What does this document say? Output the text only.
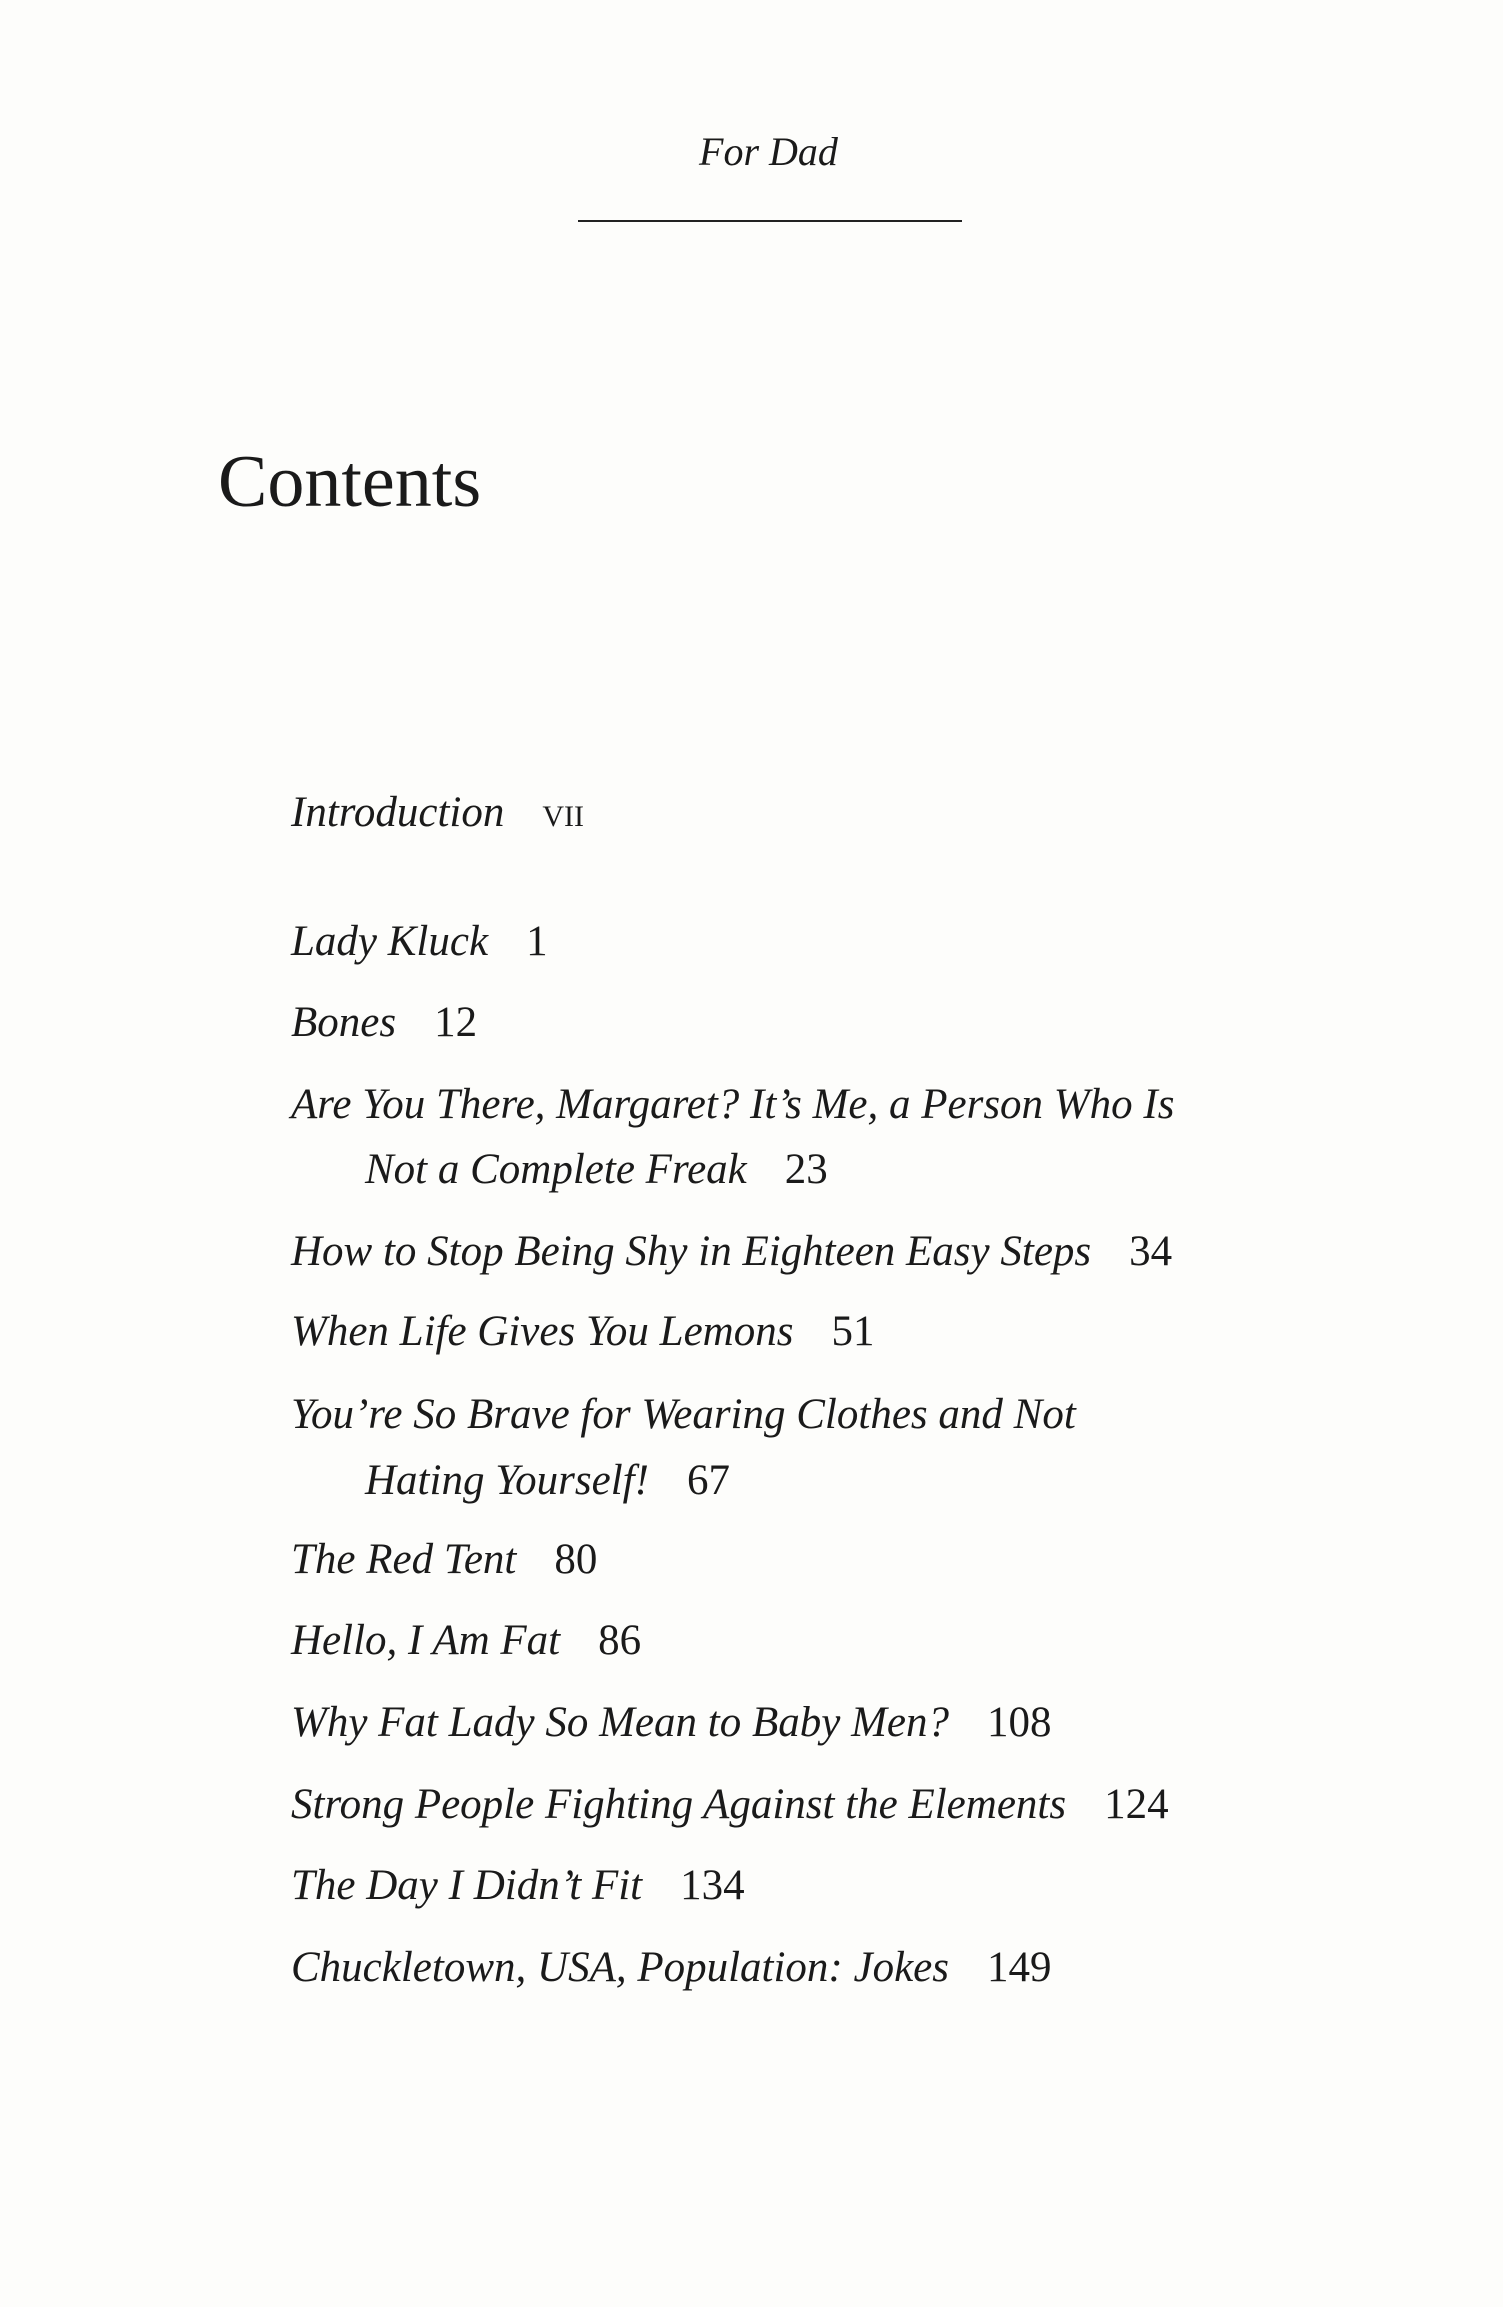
For Dad
Contents
Introduction vii
Lady Kluck 1
Bones 12
Are You There, Margaret? It’s Me, a Person Who Is
Not a Complete Freak 23
How to Stop Being Shy in Eighteen Easy Steps 34
When Life Gives You Lemons 51
You’re So Brave for Wearing Clothes and Not
Hating Yourself! 67
The Red Tent 80
Hello, I Am Fat 86
Why Fat Lady So Mean to Baby Men? 108
Strong People Fighting Against the Elements 124
The Day I Didn’t Fit 134
Chuckletown, USA, Population: Jokes 149
